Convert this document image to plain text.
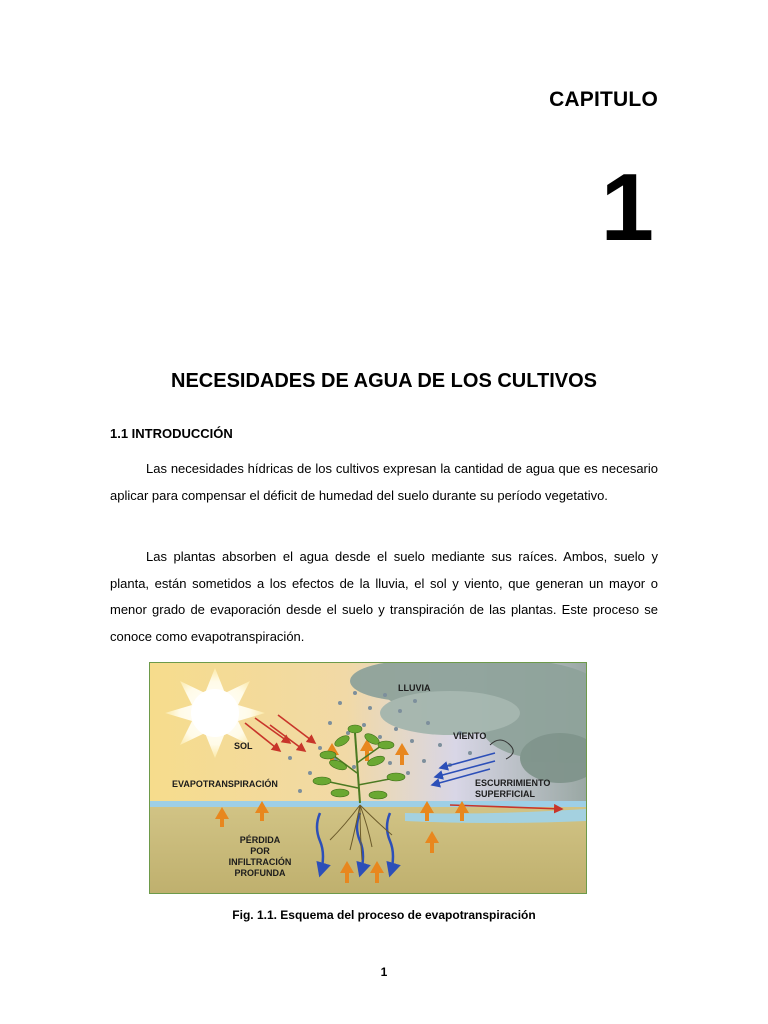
CAPITULO
1
NECESIDADES DE AGUA DE LOS CULTIVOS
1.1 INTRODUCCIÓN

Las necesidades hídricas de los cultivos expresan la cantidad de agua que es necesario aplicar para compensar el déficit de humedad del suelo durante su período vegetativo.

Las plantas absorben el agua desde el suelo mediante sus raíces. Ambos, suelo y planta, están sometidos a los efectos de la lluvia, el sol y viento, que generan un mayor o menor grado de evaporación desde el suelo y transpiración de las plantas. Este proceso se conoce como evapotranspiración.

LLUVIA
SOL
VIENTO
EVAPOTRANSPIRACIÓN	ESCURRIMIENTO
SUPERFICIAL
PÉRDIDA
POR
INFILTRACIÓN
PROFUNDA
Fig. 1.1. Esquema del proceso de evapotranspiración
1
